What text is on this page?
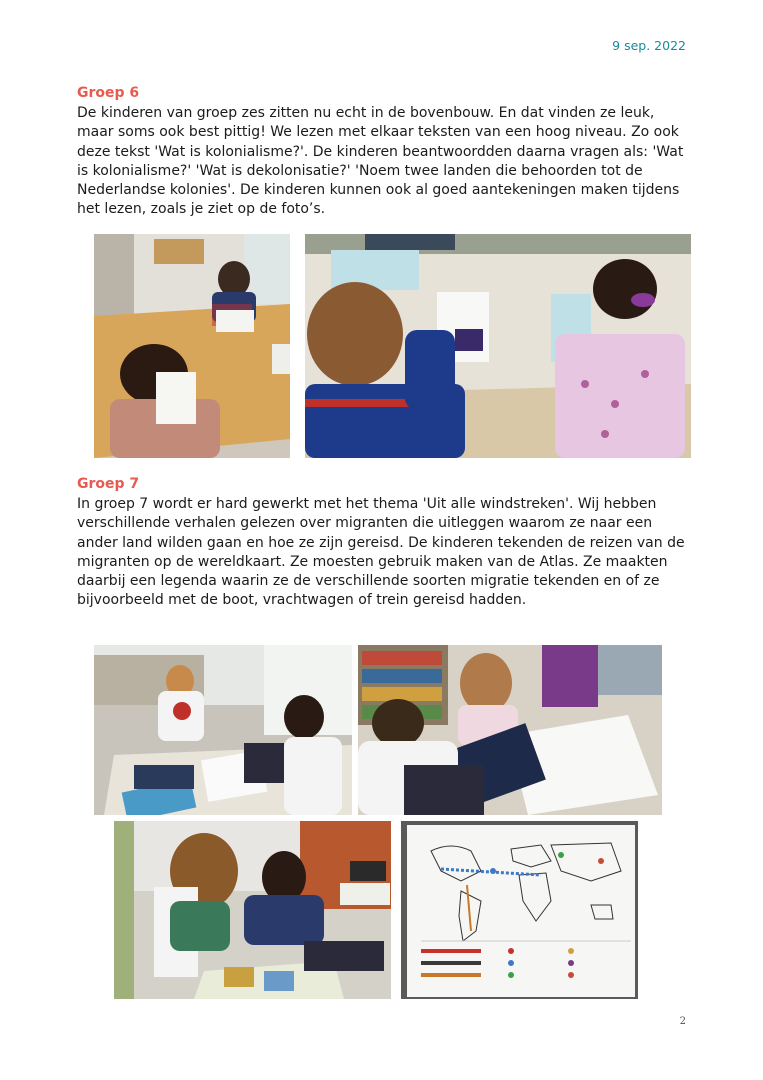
9 sep. 2022
Groep 6
De kinderen van groep zes zitten nu echt in de bovenbouw. En dat vinden ze leuk, maar soms ook best pittig! We lezen met elkaar teksten van een hoog niveau. Zo ook deze tekst 'Wat is kolonialisme?'. De kinderen beantwoordden daarna vragen als: 'Wat is kolonialisme?' 'Wat is dekolonisatie?' 'Noem twee landen die behoorden tot de Nederlandse kolonies'. De kinderen kunnen ook al goed aantekeningen maken tijdens het lezen, zoals je ziet op de foto’s.
Groep 7
In groep 7 wordt er hard gewerkt met het thema 'Uit alle windstreken'. Wij hebben verschillende verhalen gelezen over migranten die uitleggen waarom ze naar een ander land wilden gaan en hoe ze zijn gereisd. De kinderen tekenden de reizen van de migranten op de wereldkaart. Ze moesten gebruik maken van de Atlas. Ze maakten daarbij een legenda waarin ze de verschillende soorten migratie tekenden en of ze bijvoorbeeld met de boot, vrachtwagen of trein gereisd hadden.
2
